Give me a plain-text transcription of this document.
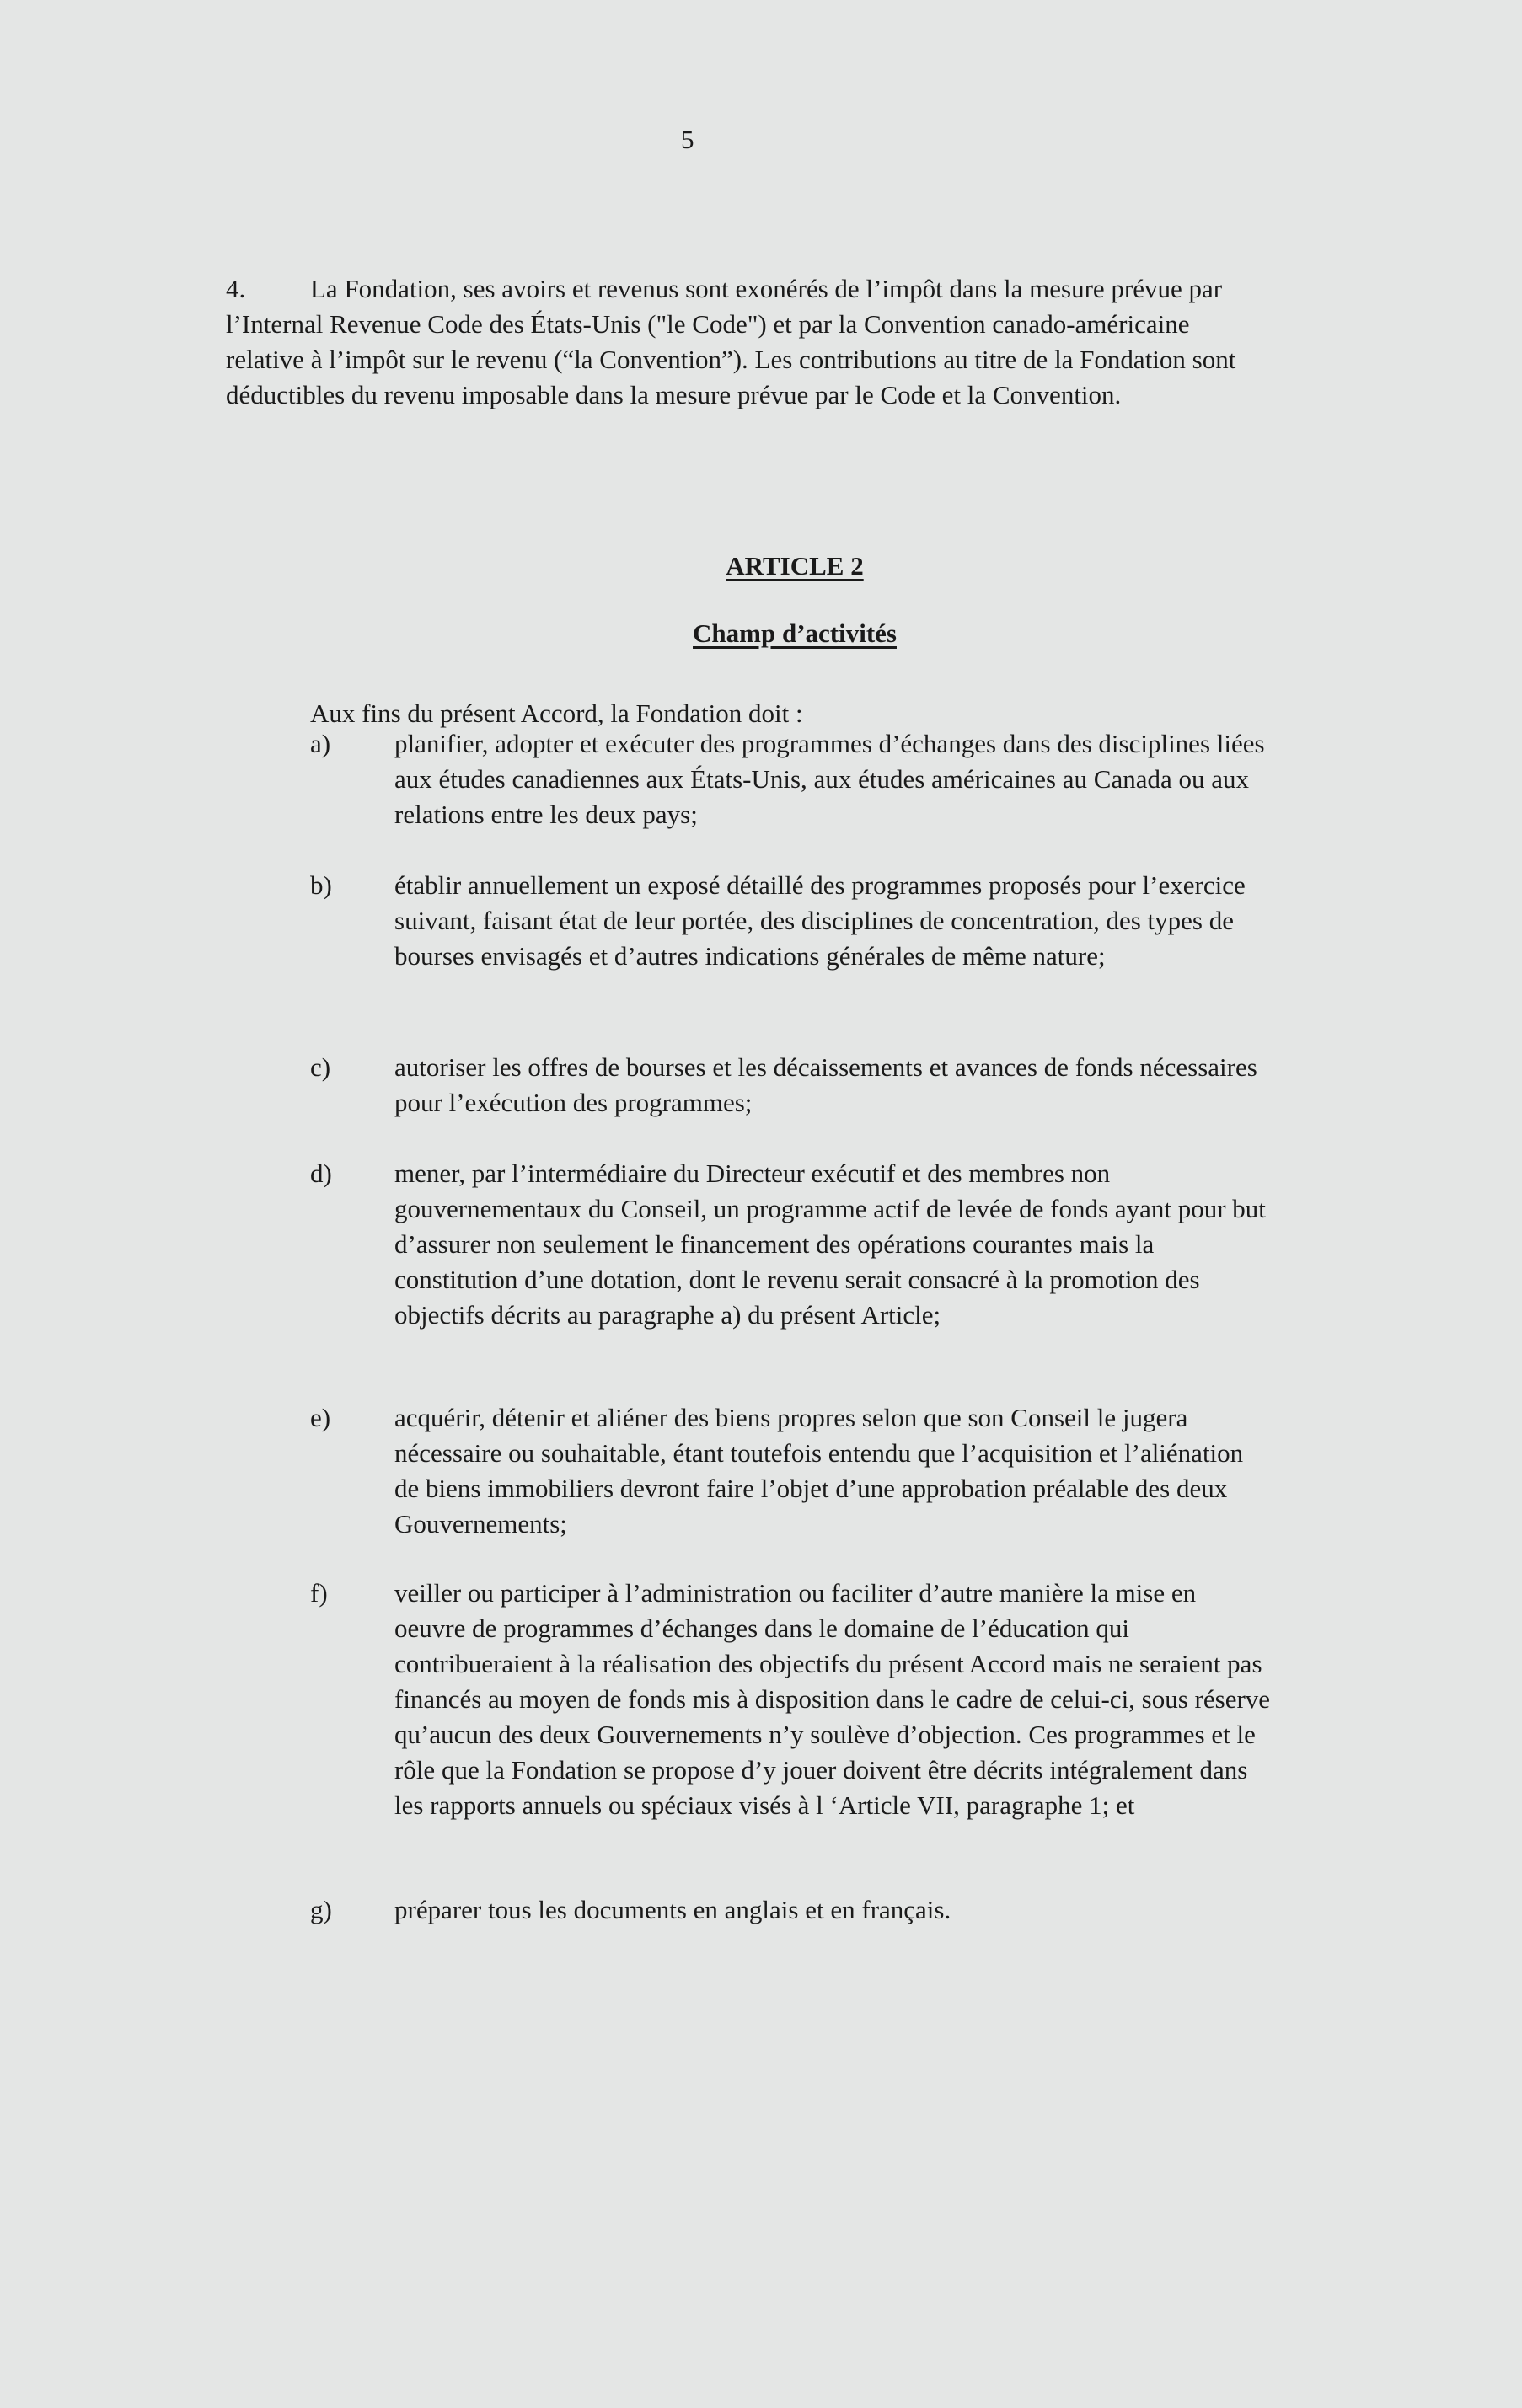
5
4. La Fondation, ses avoirs et revenus sont exonérés de l’impôt dans la mesure prévue par l’Internal Revenue Code des États-Unis ("le Code") et par la Convention canado-américaine relative à l’impôt sur le revenu (“la Convention”). Les contributions au titre de la Fondation sont déductibles du revenu imposable dans la mesure prévue par le Code et la Convention.
ARTICLE 2
Champ d’activités
Aux fins du présent Accord, la Fondation doit :
a) planifier, adopter et exécuter des programmes d’échanges dans des disciplines liées aux études canadiennes aux États-Unis, aux études américaines au Canada ou aux relations entre les deux pays;
b) établir annuellement un exposé détaillé des programmes proposés pour l’exercice suivant, faisant état de leur portée, des disciplines de concentration, des types de bourses envisagés et d’autres indications générales de même nature;
c) autoriser les offres de bourses et les décaissements et avances de fonds nécessaires pour l’exécution des programmes;
d) mener, par l’intermédiaire du Directeur exécutif et des membres non gouvernementaux du Conseil, un programme actif de levée de fonds ayant pour but d’assurer non seulement le financement des opérations courantes mais la constitution d’une dotation, dont le revenu serait consacré à la promotion des objectifs décrits au paragraphe a) du présent Article;
e) acquérir, détenir et aliéner des biens propres selon que son Conseil le jugera nécessaire ou souhaitable, étant toutefois entendu que l’acquisition et l’aliénation de biens immobiliers devront faire l’objet d’une approbation préalable des deux Gouvernements;
f)	veiller ou participer à l’administration ou faciliter d’autre manière la mise en oeuvre de programmes d’échanges dans le domaine de l’éducation qui contribueraient à la réalisation des objectifs du présent Accord mais ne seraient pas financés au moyen de fonds mis à disposition dans le cadre de celui-ci, sous réserve qu’aucun des deux Gouvernements n’y soulève d’objection. Ces programmes et le rôle que la Fondation se propose d’y jouer doivent être décrits intégralement dans les rapports annuels ou spéciaux visés à l ‘Article VII, paragraphe 1; et
g) préparer tous les documents en anglais et en français.
